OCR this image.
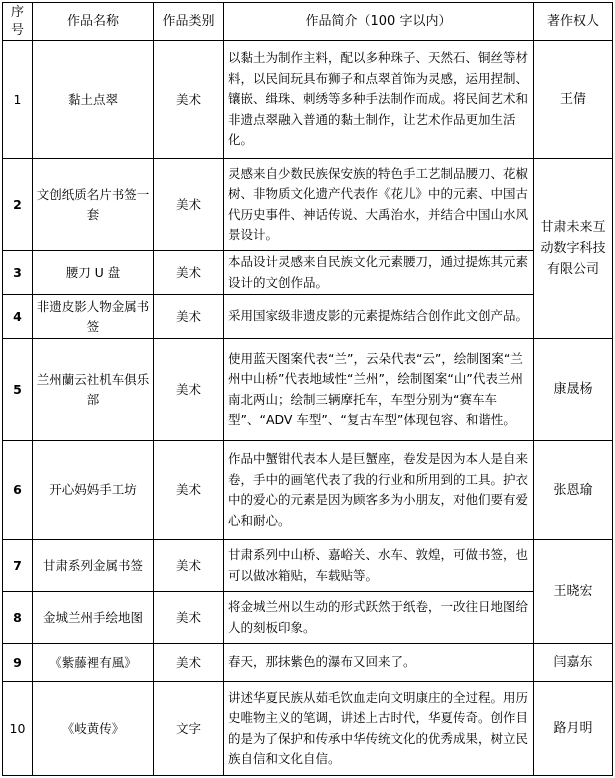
序号	作品名称	作品类别	作品简介（100 字以内）	著作权人
1	黏土点翠	美术	以黏土为制作主料，配以多种珠子、天然石、铜丝等材料，以民间玩具布狮子和点翠首饰为灵感，运用捏制、镶嵌、缉珠、刺绣等多种手法制作而成。将民间艺术和非遗点翠融入普通的黏土制作，让艺术作品更加生活化。	王倩
2	文创纸质名片书签一套	美术	灵感来自少数民族保安族的特色手工艺制品腰刀、花椒树、非物质文化遗产代表作《花儿》中的元素、中国古代历史事件、神话传说、大禹治水，并结合中国山水风景设计。	甘肃未来互动数字科技有限公司
3	腰刀 U 盘	美术	本品设计灵感来自民族文化元素腰刀，通过提炼其元素设计的文创作品。	
4	非遗皮影人物金属书签	美术	采用国家级非遗皮影的元素提炼结合创作此文创产品。	
5	兰州蘭云社机车俱乐部	美术	使用蓝天图案代表“兰”，云朵代表“云”，绘制图案“兰州中山桥”代表地域性“兰州”，绘制图案“山”代表兰州南北两山；绘制三辆摩托车，车型分别为“赛车车型”、“ADV 车型”、“复古车型”体现包容、和谐性。	康晟杨
6	开心妈妈手工坊	美术	作品中蟹钳代表本人是巨蟹座，卷发是因为本人是自来卷，手中的画笔代表了我的行业和所用到的工具。护衣中的爱心的元素是因为顾客多为小朋友，对他们要有爱心和耐心。	张恩瑜
7	甘肃系列金属书签	美术	甘肃系列中山桥、嘉峪关、水车、敦煌，可做书签，也可以做冰箱贴，车载贴等。	王晓宏
8	金城兰州手绘地图	美术	将金城兰州以生动的形式跃然于纸卷，一改往日地图给人的刻板印象。	
9	《紫藤裡有風》	美术	春天，那抹紫色的瀑布又回来了。	闫嘉东
10	《岐黄传》	文字	讲述华夏民族从茹毛饮血走向文明康庄的全过程。用历史唯物主义的笔调，讲述上古时代，华夏传奇。创作目的是为了保护和传承中华传统文化的优秀成果，树立民族自信和文化自信。	路月明
